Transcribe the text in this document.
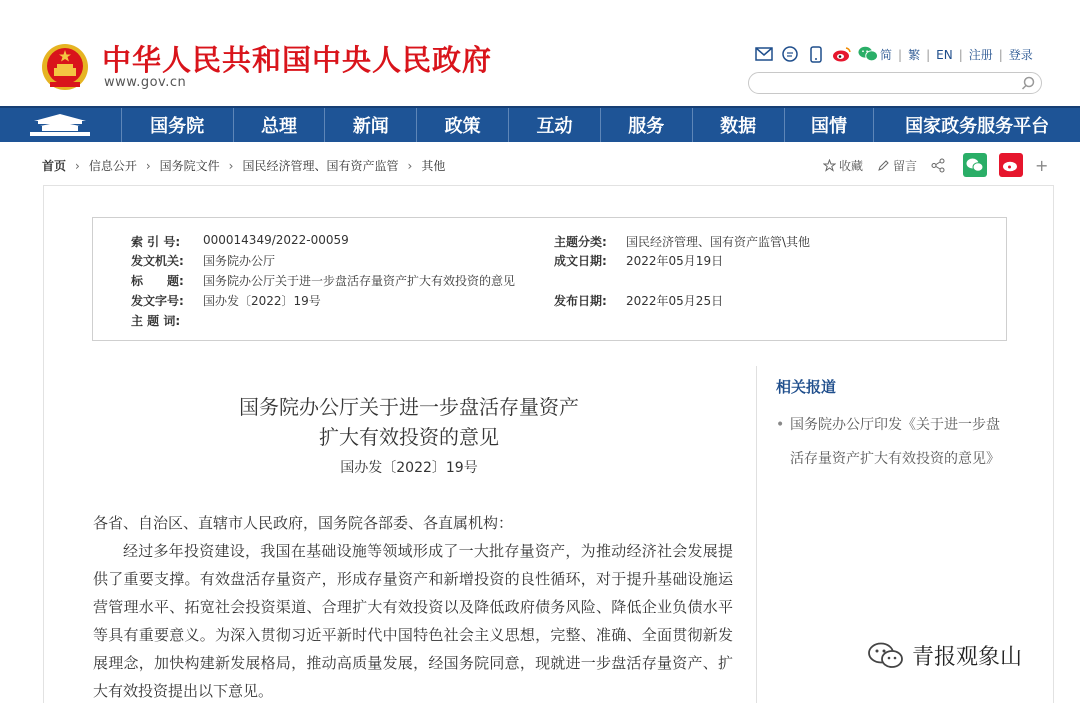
中华人民共和国中央人民政府
www.gov.cn
简 | 繁 | EN | 注册 | 登录
国务院	总理	新闻	政策	互动	服务	数据	国情	国家政务服务平台
首页 › 信息公开 › 国务院文件 › 国民经济管理、国有资产监管 › 其他	收藏	留言	+
索 引 号:	000014349/2022-00059	主题分类:	国民经济管理、国有资产监管\其他
发文机关:	国务院办公厅	成文日期:	2022年05月19日
标　　题:	国务院办公厅关于进一步盘活存量资产扩大有效投资的意见
发文字号:	国办发〔2022〕19号	发布日期:	2022年05月25日
主 题 词:
国务院办公厅关于进一步盘活存量资产
扩大有效投资的意见
国办发〔2022〕19号

各省、自治区、直辖市人民政府，国务院各部委、各直属机构：

经过多年投资建设，我国在基础设施等领域形成了一大批存量资产，为推动经济社会发展提供了重要支撑。有效盘活存量资产，形成存量资产和新增投资的良性循环，对于提升基础设施运营管理水平、拓宽社会投资渠道、合理扩大有效投资以及降低政府债务风险、降低企业负债水平等具有重要意义。为深入贯彻习近平新时代中国特色社会主义思想，完整、准确、全面贯彻新发展理念，加快构建新发展格局，推动高质量发展，经国务院同意，现就进一步盘活存量资产、扩大有效投资提出以下意见。

相关报道
• 国务院办公厅印发《关于进一步盘活存量资产扩大有效投资的意见》
青报观象山
